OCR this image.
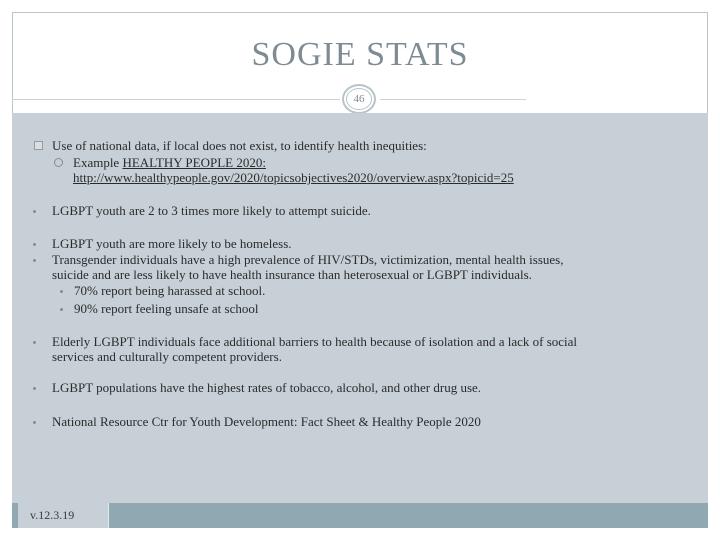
SOGIE STATS
46
v.12.3.19
Use of national data, if local does not exist, to identify health inequities:
Example HEALTHY PEOPLE 2020:
http://www.healthypeople.gov/2020/topicsobjectives2020/overview.aspx?topicid=25
LGBPT youth are 2 to 3 times more likely to attempt suicide.
LGBPT youth are more likely to be homeless.
Transgender individuals have a high prevalence of HIV/STDs, victimization, mental health issues,
suicide and are less likely to have health insurance than heterosexual or LGBPT individuals.
70% report being harassed at school.
90% report feeling unsafe at school
Elderly LGBPT individuals face additional barriers to health because of isolation and a lack of social
services and culturally competent providers.
LGBPT populations have the highest rates of tobacco, alcohol, and other drug use.
National Resource Ctr for Youth Development: Fact Sheet & Healthy People 2020
